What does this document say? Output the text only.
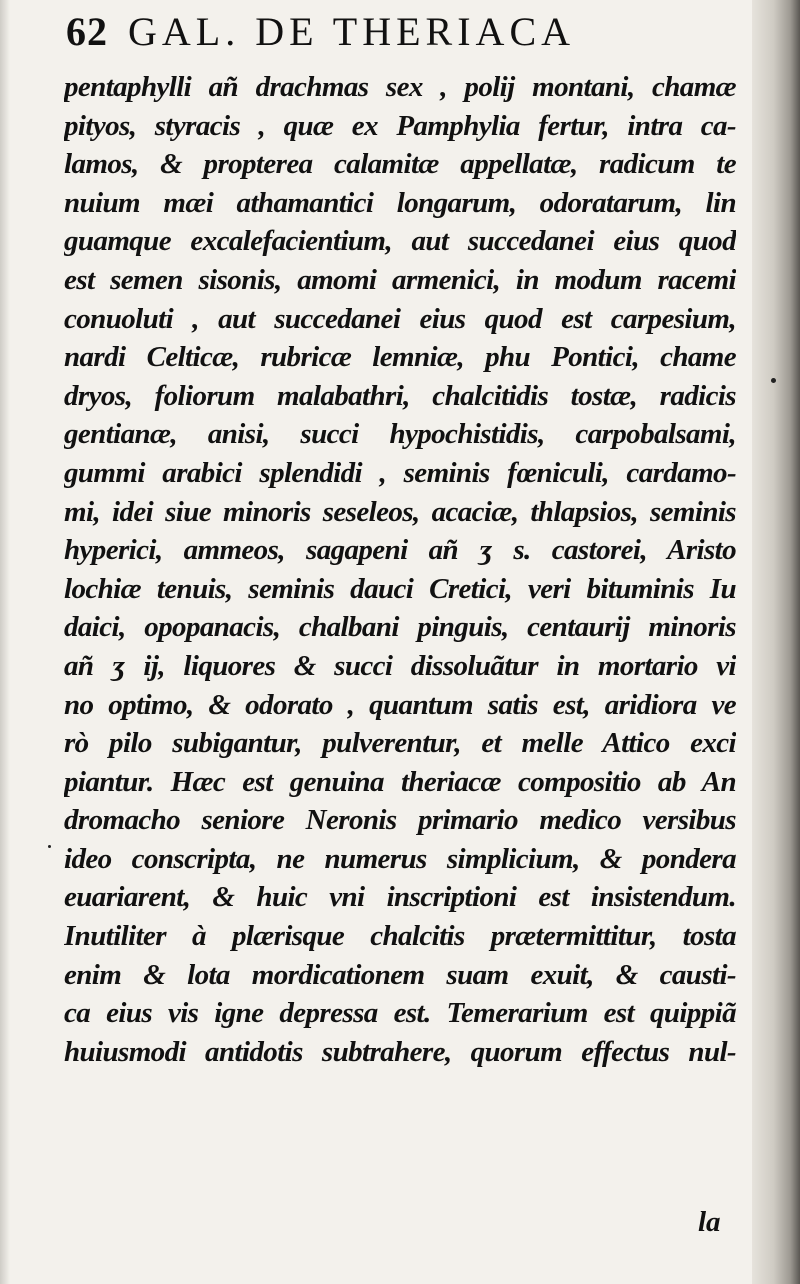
62 GAL. DE THERIACA
pentaphylli añ drachmas sex , polij montani, chamæ
pityos, styracis , quæ ex Pamphylia fertur, intra ca-
lamos, & propterea calamitæ appellatæ, radicum te
nuium mæi athamantici longarum, odoratarum, lin
guamque excalefacientium, aut succedanei eius quod
est semen sisonis, amomi armenici, in modum racemi
conuoluti , aut succedanei eius quod est carpesium,
nardi Celticæ, rubricæ lemniæ, phu Pontici, chame
dryos, foliorum malabathri, chalcitidis tostæ, radicis
gentianæ, anisi, succi hypochistidis, carpobalsami,
gummi arabici splendidi , seminis fœniculi, cardamo-
mi, idei siue minoris seseleos, acaciæ, thlapsios, seminis
hyperici, ammeos, sagapeni añ ʒ s. castorei, Aristo
lochiæ tenuis, seminis dauci Cretici, veri bituminis Iu
daici, opopanacis, chalbani pinguis, centaurij minoris
añ ʒ ij, liquores & succi dissoluãtur in mortario vi
no optimo, & odorato , quantum satis est, aridiora ve
rò pilo subigantur, pulverentur, et melle Attico exci
piantur. Hæc est genuina theriacæ compositio ab An
dromacho seniore Neronis primario medico versibus
ideo conscripta, ne numerus simplicium, & pondera
euariarent, & huic vni inscriptioni est insistendum.
Inutiliter à plærisque chalcitis prætermittitur, tosta
enim & lota mordicationem suam exuit, & causti-
ca eius vis igne depressa est. Temerarium est quippiã
huiusmodi antidotis subtrahere, quorum effectus nul-
la
